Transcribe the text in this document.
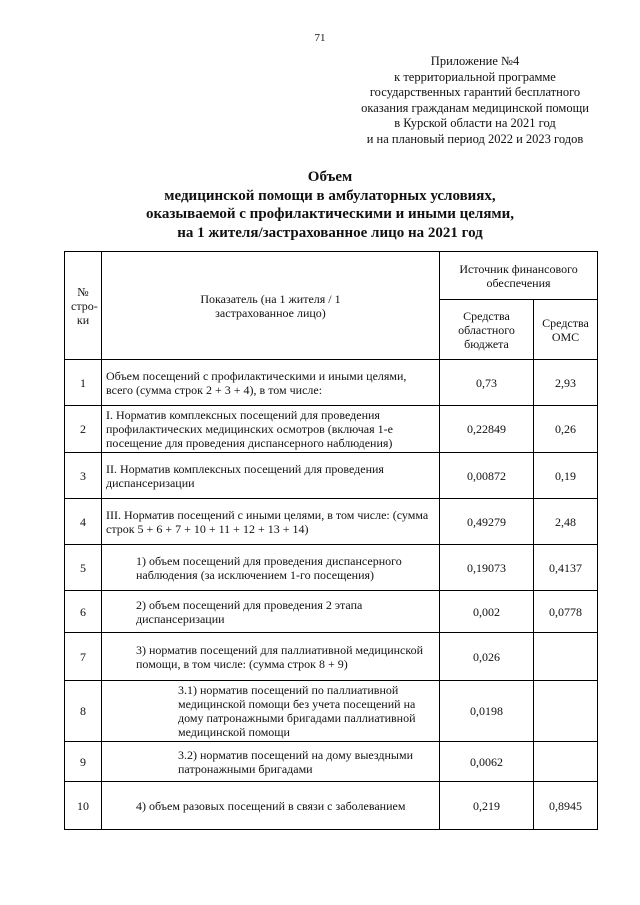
71
Приложение №4
к территориальной программе
государственных гарантий бесплатного
оказания гражданам медицинской помощи
в Курской области на 2021 год
и на плановый период 2022 и 2023 годов
Объем
медицинской помощи в амбулаторных условиях,
оказываемой с профилактическими и иными целями,
на 1 жителя/застрахованное лицо на 2021 год
№ стро-ки	Показатель (на 1 жителя / 1 застрахованное лицо)	Источник финансового обеспечения	
		Средства областного бюджета	Средства ОМС
1	Объем посещений с профилактическими и иными целями, всего (сумма строк 2 + 3 + 4), в том числе:	0,73	2,93
2	I. Норматив комплексных посещений для проведения профилактических медицинских осмотров (включая 1-е посещение для проведения диспансерного наблюдения)	0,22849	0,26
3	II. Норматив комплексных посещений для проведения диспансеризации	0,00872	0,19
4	III. Норматив посещений с иными целями, в том числе: (сумма строк 5 + 6 + 7 + 10 + 11 + 12 + 13 + 14)	0,49279	2,48
5	1) объем посещений для проведения диспансерного наблюдения (за исключением 1-го посещения)	0,19073	0,4137
6	2) объем посещений для проведения 2 этапа диспансеризации	0,002	0,0778
7	3) норматив посещений для паллиативной медицинской помощи, в том числе: (сумма строк 8 + 9)	0,026	
8	3.1) норматив посещений по паллиативной медицинской помощи без учета посещений на дому патронажными бригадами паллиативной медицинской помощи	0,0198	
9	3.2) норматив посещений на дому выездными патронажными бригадами	0,0062	
10	4) объем разовых посещений в связи с заболеванием	0,219	0,8945
